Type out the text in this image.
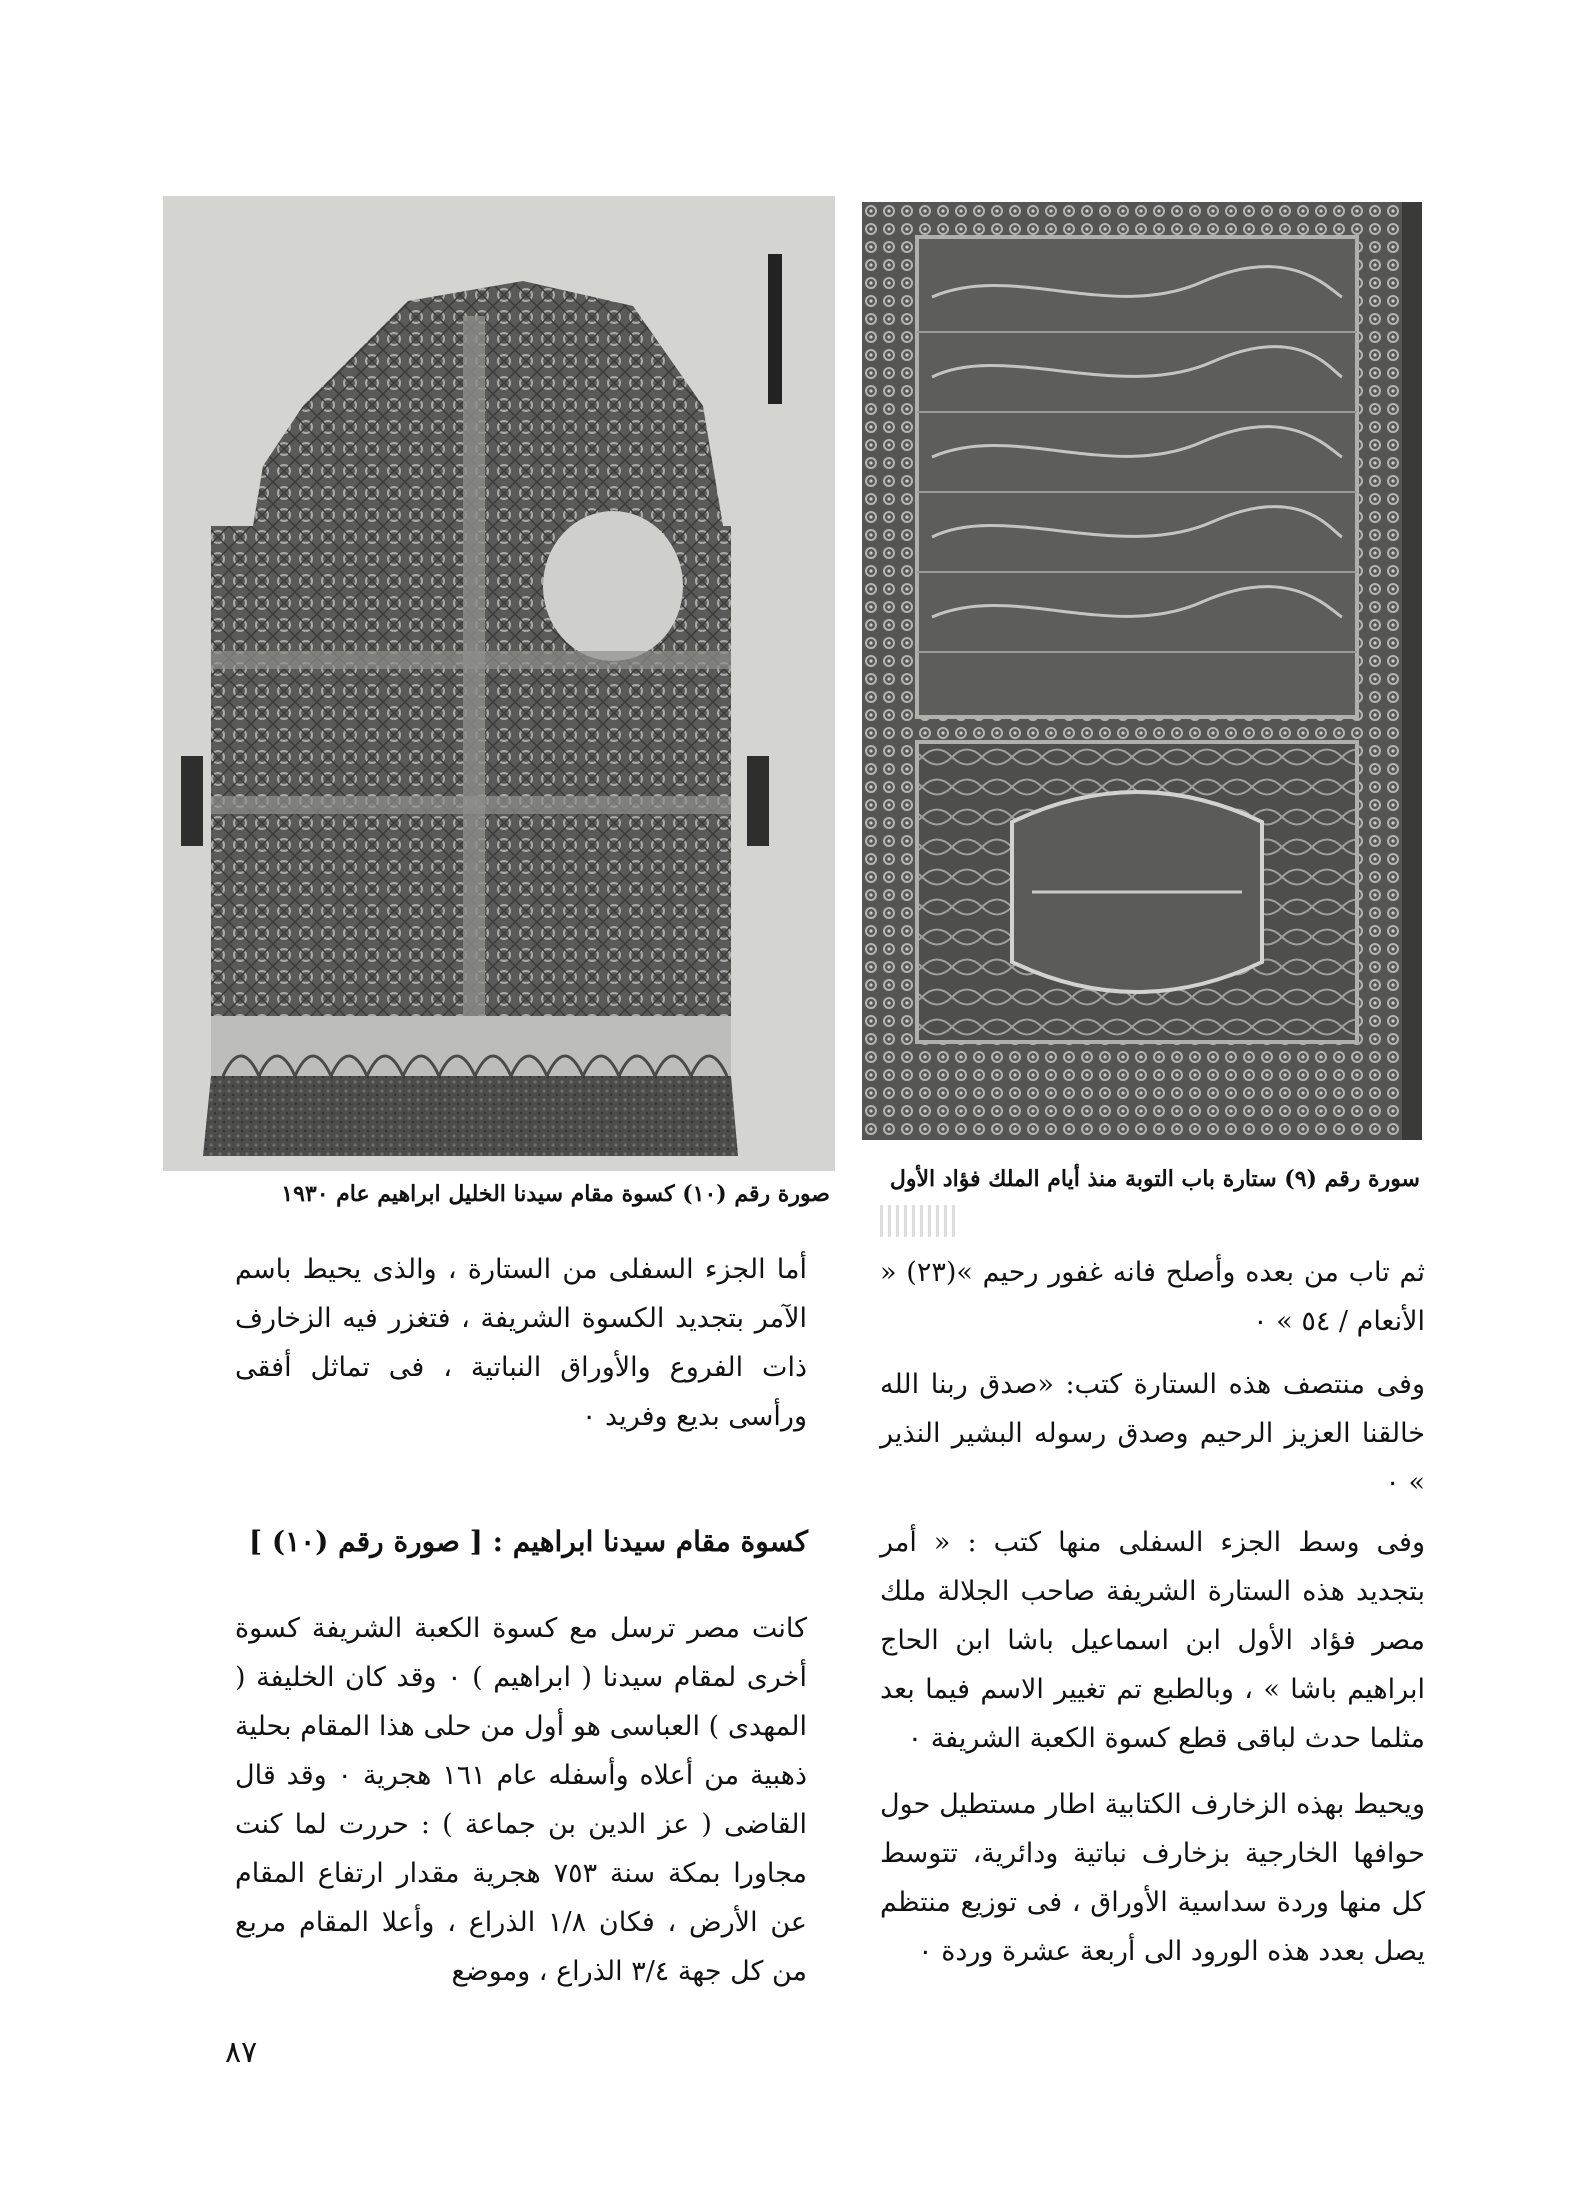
صورة رقم (١٠) كسوة مقام سيدنا الخليل ابراهيم عام ١٩٣٠
سورة رقم (٩) ستارة باب التوبة منذ أيام الملك فؤاد الأول

أما الجزء السفلى من الستارة ، والذى يحيط باسم الآمر بتجديد الكسوة الشريفة ، فتغزر فيه الزخارف ذات الفروع والأوراق النباتية ، فى تماثل أفقى ورأسى بديع وفريد ٠

كسوة مقام سيدنا ابراهيم : [ صورة رقم (١٠) ]

كانت مصر ترسل مع كسوة الكعبة الشريفة كسوة أخرى لمقام سيدنا ( ابراهيم ) ٠ وقد كان الخليفة ( المهدى ) العباسى هو أول من حلى هذا المقام بحلية ذهبية من أعلاه وأسفله عام ١٦١ هجرية ٠ وقد قال القاضى ( عز الدين بن جماعة ) : حررت لما كنت مجاورا بمكة سنة ٧٥٣ هجرية مقدار ارتفاع المقام عن الأرض ، فكان ١/٨ الذراع ، وأعلا المقام مربع من كل جهة ٣/٤ الذراع ، وموضع

ثم تاب من بعده وأصلح فانه غفور رحيم »(٢٣) « الأنعام / ٥٤ » ٠

وفى منتصف هذه الستارة كتب: «صدق ربنا الله خالقنا العزيز الرحيم وصدق رسوله البشير النذير » ٠

وفى وسط الجزء السفلى منها كتب : « أمر بتجديد هذه الستارة الشريفة صاحب الجلالة ملك مصر فؤاد الأول ابن اسماعيل باشا ابن الحاج ابراهيم باشا » ، وبالطبع تم تغيير الاسم فيما بعد مثلما حدث لباقى قطع كسوة الكعبة الشريفة ٠

ويحيط بهذه الزخارف الكتابية اطار مستطيل حول حوافها الخارجية بزخارف نباتية ودائرية، تتوسط كل منها وردة سداسية الأوراق ، فى توزيع منتظم يصل بعدد هذه الورود الى أربعة عشرة وردة ٠

٨٧
